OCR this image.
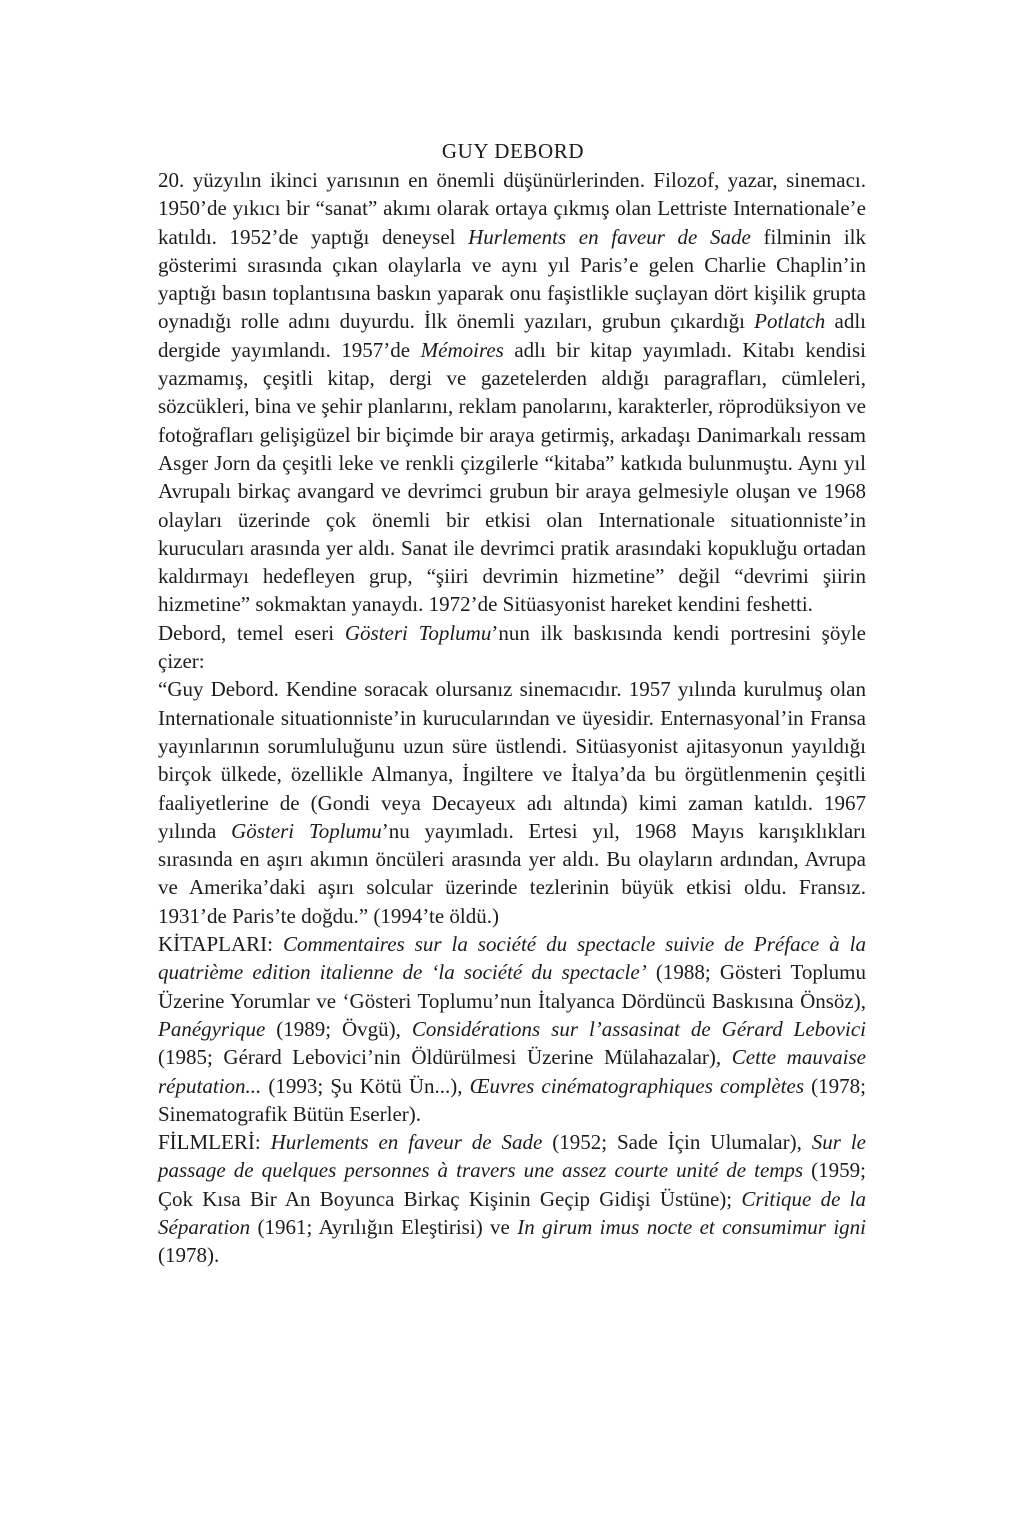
GUY DEBORD

20. yüzyılın ikinci yarısının en önemli düşünürlerinden. Filozof, yazar, sinemacı. 1950’de yıkıcı bir “sanat” akımı olarak ortaya çıkmış olan Lettriste Internationale’e katıldı. 1952’de yaptığı deneysel Hurlements en faveur de Sade filminin ilk gösterimi sırasında çıkan olaylarla ve aynı yıl Paris’e gelen Charlie Chaplin’in yaptığı basın toplantısına baskın yaparak onu faşistlikle suçlayan dört kişilik grupta oynadığı rolle adını duyurdu. İlk önemli yazıları, grubun çıkardığı Potlatch adlı dergide yayımlandı. 1957’de Mémoires adlı bir kitap yayımladı. Kitabı kendisi yazmamış, çeşitli kitap, dergi ve gazetelerden aldığı paragrafları, cümleleri, sözcükleri, bina ve şehir planlarını, reklam panolarını, karakterler, röprodüksiyon ve fotoğrafları gelişigüzel bir biçimde bir araya getirmiş, arkadaşı Danimarkalı ressam Asger Jorn da çeşitli leke ve renkli çizgilerle “kitaba” katkıda bulunmuştu. Aynı yıl Avrupalı birkaç avangard ve devrimci grubun bir araya gelmesiyle oluşan ve 1968 olayları üzerinde çok önemli bir etkisi olan Internationale situationniste’in kurucuları arasında yer aldı. Sanat ile devrimci pratik arasındaki kopukluğu ortadan kaldırmayı hedefleyen grup, “şiiri devrimin hizmetine” değil “devrimi şiirin hizmetine” sokmaktan yanaydı. 1972’de Sitüasyonist hareket kendini feshetti.

Debord, temel eseri Gösteri Toplumu’nun ilk baskısında kendi portresini şöyle çizer:

“Guy Debord. Kendine soracak olursanız sinemacıdır. 1957 yılında kurulmuş olan Internationale situationniste’in kurucularından ve üyesidir. Enternasyonal’in Fransa yayınlarının sorumluluğunu uzun süre üstlendi. Sitüasyonist ajitasyonun yayıldığı birçok ülkede, özellikle Almanya, İngiltere ve İtalya’da bu örgütlenmenin çeşitli faaliyetlerine de (Gondi veya Decayeux adı altında) kimi zaman katıldı. 1967 yılında Gösteri Toplumu’nu yayımladı. Ertesi yıl, 1968 Mayıs karışıklıkları sırasında en aşırı akımın öncüleri arasında yer aldı. Bu olayların ardından, Avrupa ve Amerika’daki aşırı solcular üzerinde tezlerinin büyük etkisi oldu. Fransız. 1931’de Paris’te doğdu.” (1994’te öldü.)

KİTAPLARI: Commentaires sur la société du spectacle suivie de Préface à la quatrième edition italienne de ‘la société du spectacle’ (1988; Gösteri Toplumu Üzerine Yorumlar ve ‘Gösteri Toplumu’nun İtalyanca Dördüncü Baskısına Önsöz), Panégyrique (1989; Övgü), Considérations sur l’assasinat de Gérard Lebovici (1985; Gérard Lebovici’nin Öldürülmesi Üzerine Mülahazalar), Cette mauvaise réputation... (1993; Şu Kötü Ün...), Œuvres cinématographiques complètes (1978; Sinematografik Bütün Eserler).

FİLMLERİ: Hurlements en faveur de Sade (1952; Sade İçin Ulumalar), Sur le passage de quelques personnes à travers une assez courte unité de temps (1959; Çok Kısa Bir An Boyunca Birkaç Kişinin Geçip Gidişi Üstüne); Critique de la Séparation (1961; Ayrılığın Eleştirisi) ve In girum imus nocte et consumimur igni (1978).
